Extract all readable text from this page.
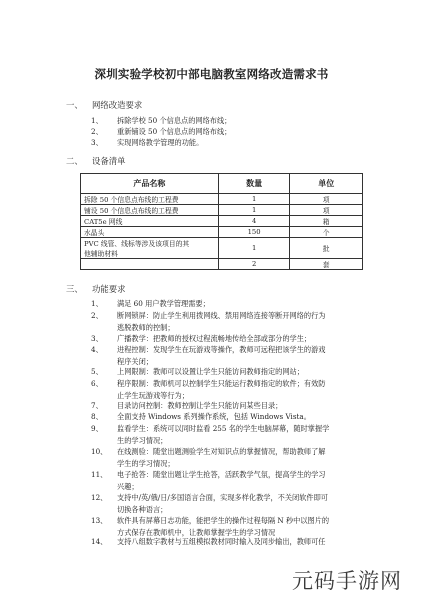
深圳实验学校初中部电脑教室网络改造需求书
一、 网络改造要求
1、 拆除学校 50 个信息点的网络布线；
2、 重新铺设 50 个信息点的网络布线；
3、 实现网络教学管理的功能。
二、 设备清单
产品名称	数量	单位
拆除 50 个信息点布线的工程费	1	项
铺设 50 个信息点布线的工程费	1	项
CAT5e 网线	4	箱
水晶头	150	个
PVC 线管、线标等涉及该项目的其	1	批
他辅助材料		
	2	套
三、 功能要求
1、 满足 60 用户教学管理需要；
2、 断网锁屏：防止学生利用拨网线、禁用网络连接等断开网络的行为
逃脱教师的控制；
3、 广播教学：把教师的授权过程流畅地传给全部或部分的学生；
4、 进程控制：发现学生在玩游戏等操作，教师可远程把该学生的游戏
程序关闭；
5、 上网限制：教师可以设置让学生只能访问教师指定的网站；
6、 程序限制：教师机可以控制学生只能运行教师指定的软件；有效防
止学生玩游戏等行为；
7、 目录访问控制：教师控制让学生只能访问某些目录；
8、 全面支持 Windows 系列操作系统，包括 Windows Vista。
9、 监看学生：系统可以同时监看 255 名的学生电脑屏幕，随时掌握学
生的学习情况；
10、 在线测验：随堂出题测验学生对知识点的掌握情况，帮助教师了解
学生的学习情况；
11、 电子抢答：随堂出题让学生抢答，活跃教学气氛，提高学生的学习
兴趣；
12、 支持中/英/俄/日/多国语言合面，实现多样化教学，不关闭软件即可
切换各种语言；
13、 软件具有屏幕日志功能，能把学生的操作过程每隔 N 秒中以图片的
方式保存在教师机中，让教师掌握学生的学习情况
14、 支持八组数字教材与五组模拟教材同时输入及同步输出，教师可任
元码手游网
